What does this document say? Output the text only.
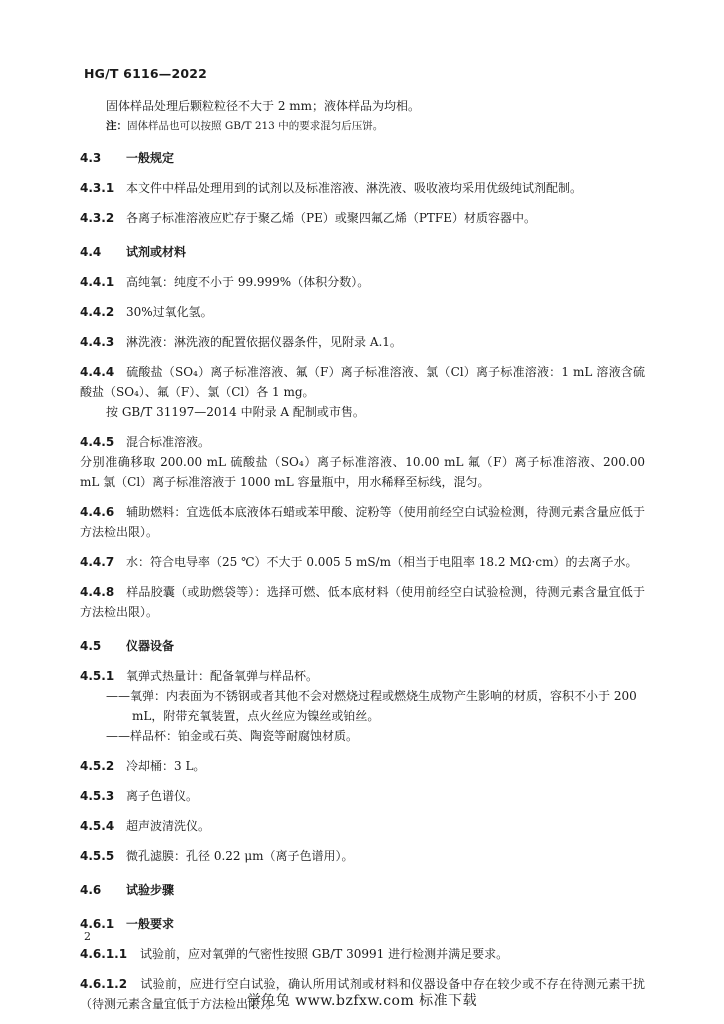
HG/T 6116—2022

固体样品处理后颗粒粒径不大于 2 mm；液体样品为均相。

注：固体样品也可以按照 GB/T 213 中的要求混匀后压饼。

4.3 一般规定

4.3.1 本文件中样品处理用到的试剂以及标准溶液、淋洗液、吸收液均采用优级纯试剂配制。

4.3.2 各离子标准溶液应贮存于聚乙烯（PE）或聚四氟乙烯（PTFE）材质容器中。

4.4 试剂或材料

4.4.1 高纯氧：纯度不小于 99.999%（体积分数）。

4.4.2 30%过氧化氢。

4.4.3 淋洗液：淋洗液的配置依据仪器条件，见附录 A.1。

4.4.4 硫酸盐（SO₄）离子标准溶液、氟（F）离子标准溶液、氯（Cl）离子标准溶液：1 mL 溶液含硫酸盐（SO₄）、氟（F）、氯（Cl）各 1 mg。

按 GB/T 31197—2014 中附录 A 配制或市售。

4.4.5 混合标准溶液。

分别准确移取 200.00 mL 硫酸盐（SO₄）离子标准溶液、10.00 mL 氟（F）离子标准溶液、200.00 mL 氯（Cl）离子标准溶液于 1000 mL 容量瓶中，用水稀释至标线，混匀。

4.4.6 辅助燃料：宜选低本底液体石蜡或苯甲酸、淀粉等（使用前经空白试验检测，待测元素含量应低于方法检出限）。

4.4.7 水：符合电导率（25 ℃）不大于 0.005 5 mS/m（相当于电阻率 18.2 MΩ·cm）的去离子水。

4.4.8 样品胶囊（或助燃袋等）：选择可燃、低本底材料（使用前经空白试验检测，待测元素含量宜低于方法检出限）。

4.5 仪器设备

4.5.1 氧弹式热量计：配备氧弹与样品杯。

——氧弹：内表面为不锈钢或者其他不会对燃烧过程或燃烧生成物产生影响的材质，容积不小于 200 mL，附带充氧装置，点火丝应为镍丝或铂丝。

——样品杯：铂金或石英、陶瓷等耐腐蚀材质。

4.5.2 冷却桶：3 L。

4.5.3 离子色谱仪。

4.5.4 超声波清洗仪。

4.5.5 微孔滤膜：孔径 0.22 μm（离子色谱用）。

4.6 试验步骤
4.6.1 一般要求

4.6.1.1 试验前，应对氧弹的气密性按照 GB/T 30991 进行检测并满足要求。

4.6.1.2 试验前，应进行空白试验，确认所用试剂或材料和仪器设备中存在较少或不存在待测元素干扰（待测元素含量宜低于方法检出限）。

2
学兔兔 www.bzfxw.com 标准下载
